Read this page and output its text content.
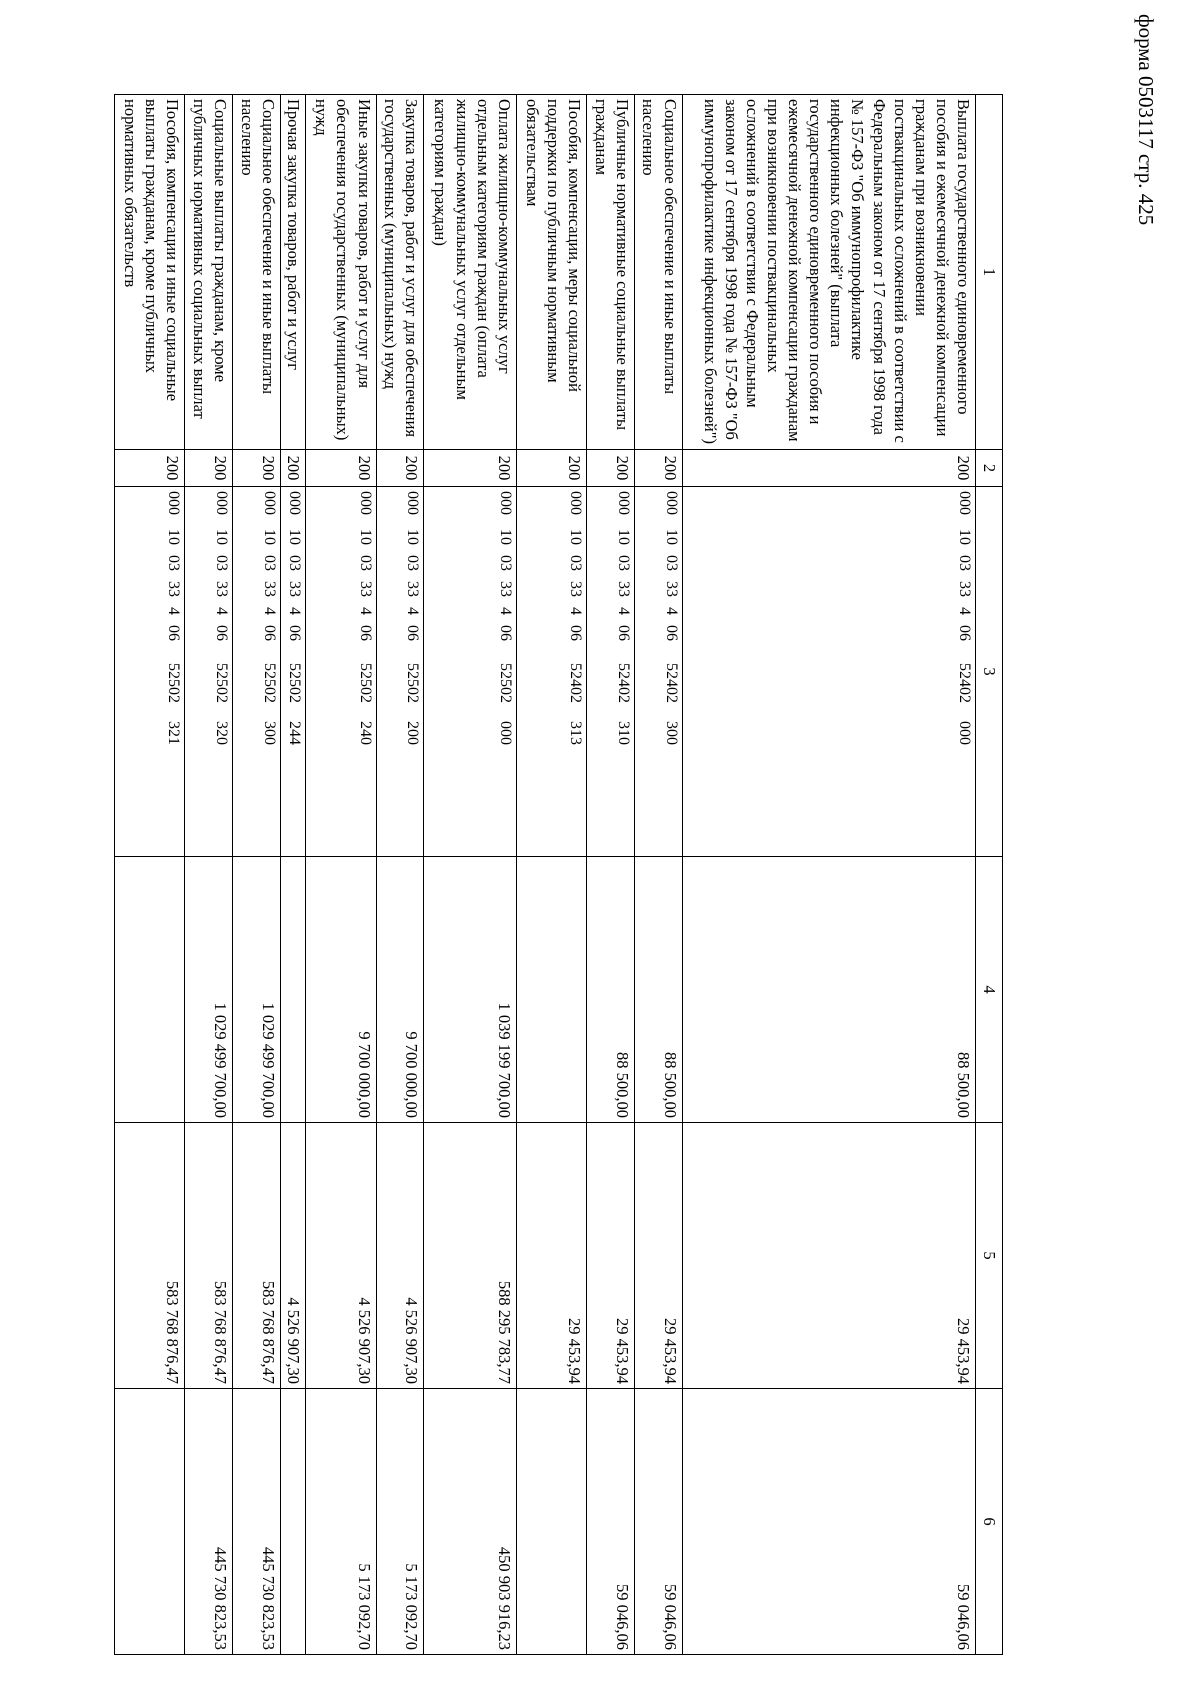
форма 0503117 стр. 425
1	2	3	4	5	6
Выплата государственного единовременного пособия и ежемесячной денежной компенсации гражданам при возникновении поствакцинальных осложнений в соответствии с Федеральным законом от 17 сентября 1998 года № 157-ФЗ "Об иммунопрофилактике инфекционных болезней" (выплата государственного единовременного пособия и ежемесячной денежной компенсации гражданам при возникновении поствакцинальных осложнений в соответствии с Федеральным законом от 17 сентября 1998 года № 157-ФЗ "Об иммунопрофилактике инфекционных болезней")	200	00010033340652402000	88 500,00	29 453,94	59 046,06
Социальное обеспечение и иные выплаты населению	200	00010033340652402300	88 500,00	29 453,94	59 046,06
Публичные нормативные социальные выплаты гражданам	200	00010033340652402310	88 500,00	29 453,94	59 046,06
Пособия, компенсации, меры социальной поддержки по публичным нормативным обязательствам	200	00010033340652402313		29 453,94	
Оплата жилищно-коммунальных услуг отдельным категориям граждан (оплата жилищно-коммунальных услуг отдельным категориям граждан)	200	00010033340652502000	1 039 199 700,00	588 295 783,77	450 903 916,23
Закупка товаров, работ и услуг для обеспечения государственных (муниципальных) нужд	200	00010033340652502200	9 700 000,00	4 526 907,30	5 173 092,70
Иные закупки товаров, работ и услуг для обеспечения государственных (муниципальных) нужд	200	00010033340652502240	9 700 000,00	4 526 907,30	5 173 092,70
Прочая закупка товаров, работ и услуг	200	00010033340652502244		4 526 907,30	
Социальное обеспечение и иные выплаты населению	200	00010033340652502300	1 029 499 700,00	583 768 876,47	445 730 823,53
Социальные выплаты гражданам, кроме публичных нормативных социальных выплат	200	00010033340652502320	1 029 499 700,00	583 768 876,47	445 730 823,53
Пособия, компенсации и иные социальные выплаты гражданам, кроме публичных нормативных обязательств	200	00010033340652502321		583 768 876,47	
